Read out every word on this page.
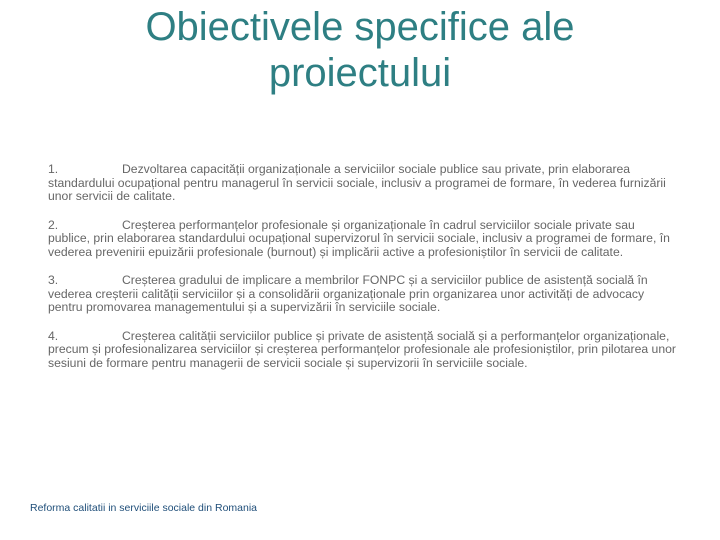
Obiectivele specifice ale
proiectului
1.	Dezvoltarea capacității organizaționale a serviciilor sociale publice sau private, prin elaborarea standardului ocupațional pentru managerul în servicii sociale, inclusiv a programei de formare, în vederea furnizării unor servicii de calitate.
2.	Creșterea performanțelor profesionale și organizaționale în cadrul serviciilor sociale private sau publice, prin elaborarea standardului ocupațional supervizorul în servicii sociale, inclusiv a programei de formare, în vederea prevenirii epuizării profesionale (burnout) și implicării active a profesioniștilor în servicii de calitate.
3.	Creșterea gradului de implicare a membrilor FONPC și a serviciilor publice de asistență socială în vederea creșterii calității serviciilor și a consolidării organizaționale prin organizarea unor activități de advocacy pentru promovarea managementului și a supervizării în serviciile sociale.
4.	Creșterea calității serviciilor publice și private de asistență socială și a performanțelor organizaționale, precum și profesionalizarea serviciilor și creșterea performanțelor profesionale ale profesioniștilor, prin pilotarea unor sesiuni de formare pentru managerii de servicii sociale și supervizorii în serviciile sociale.
Reforma calitatii in serviciile sociale din Romania
